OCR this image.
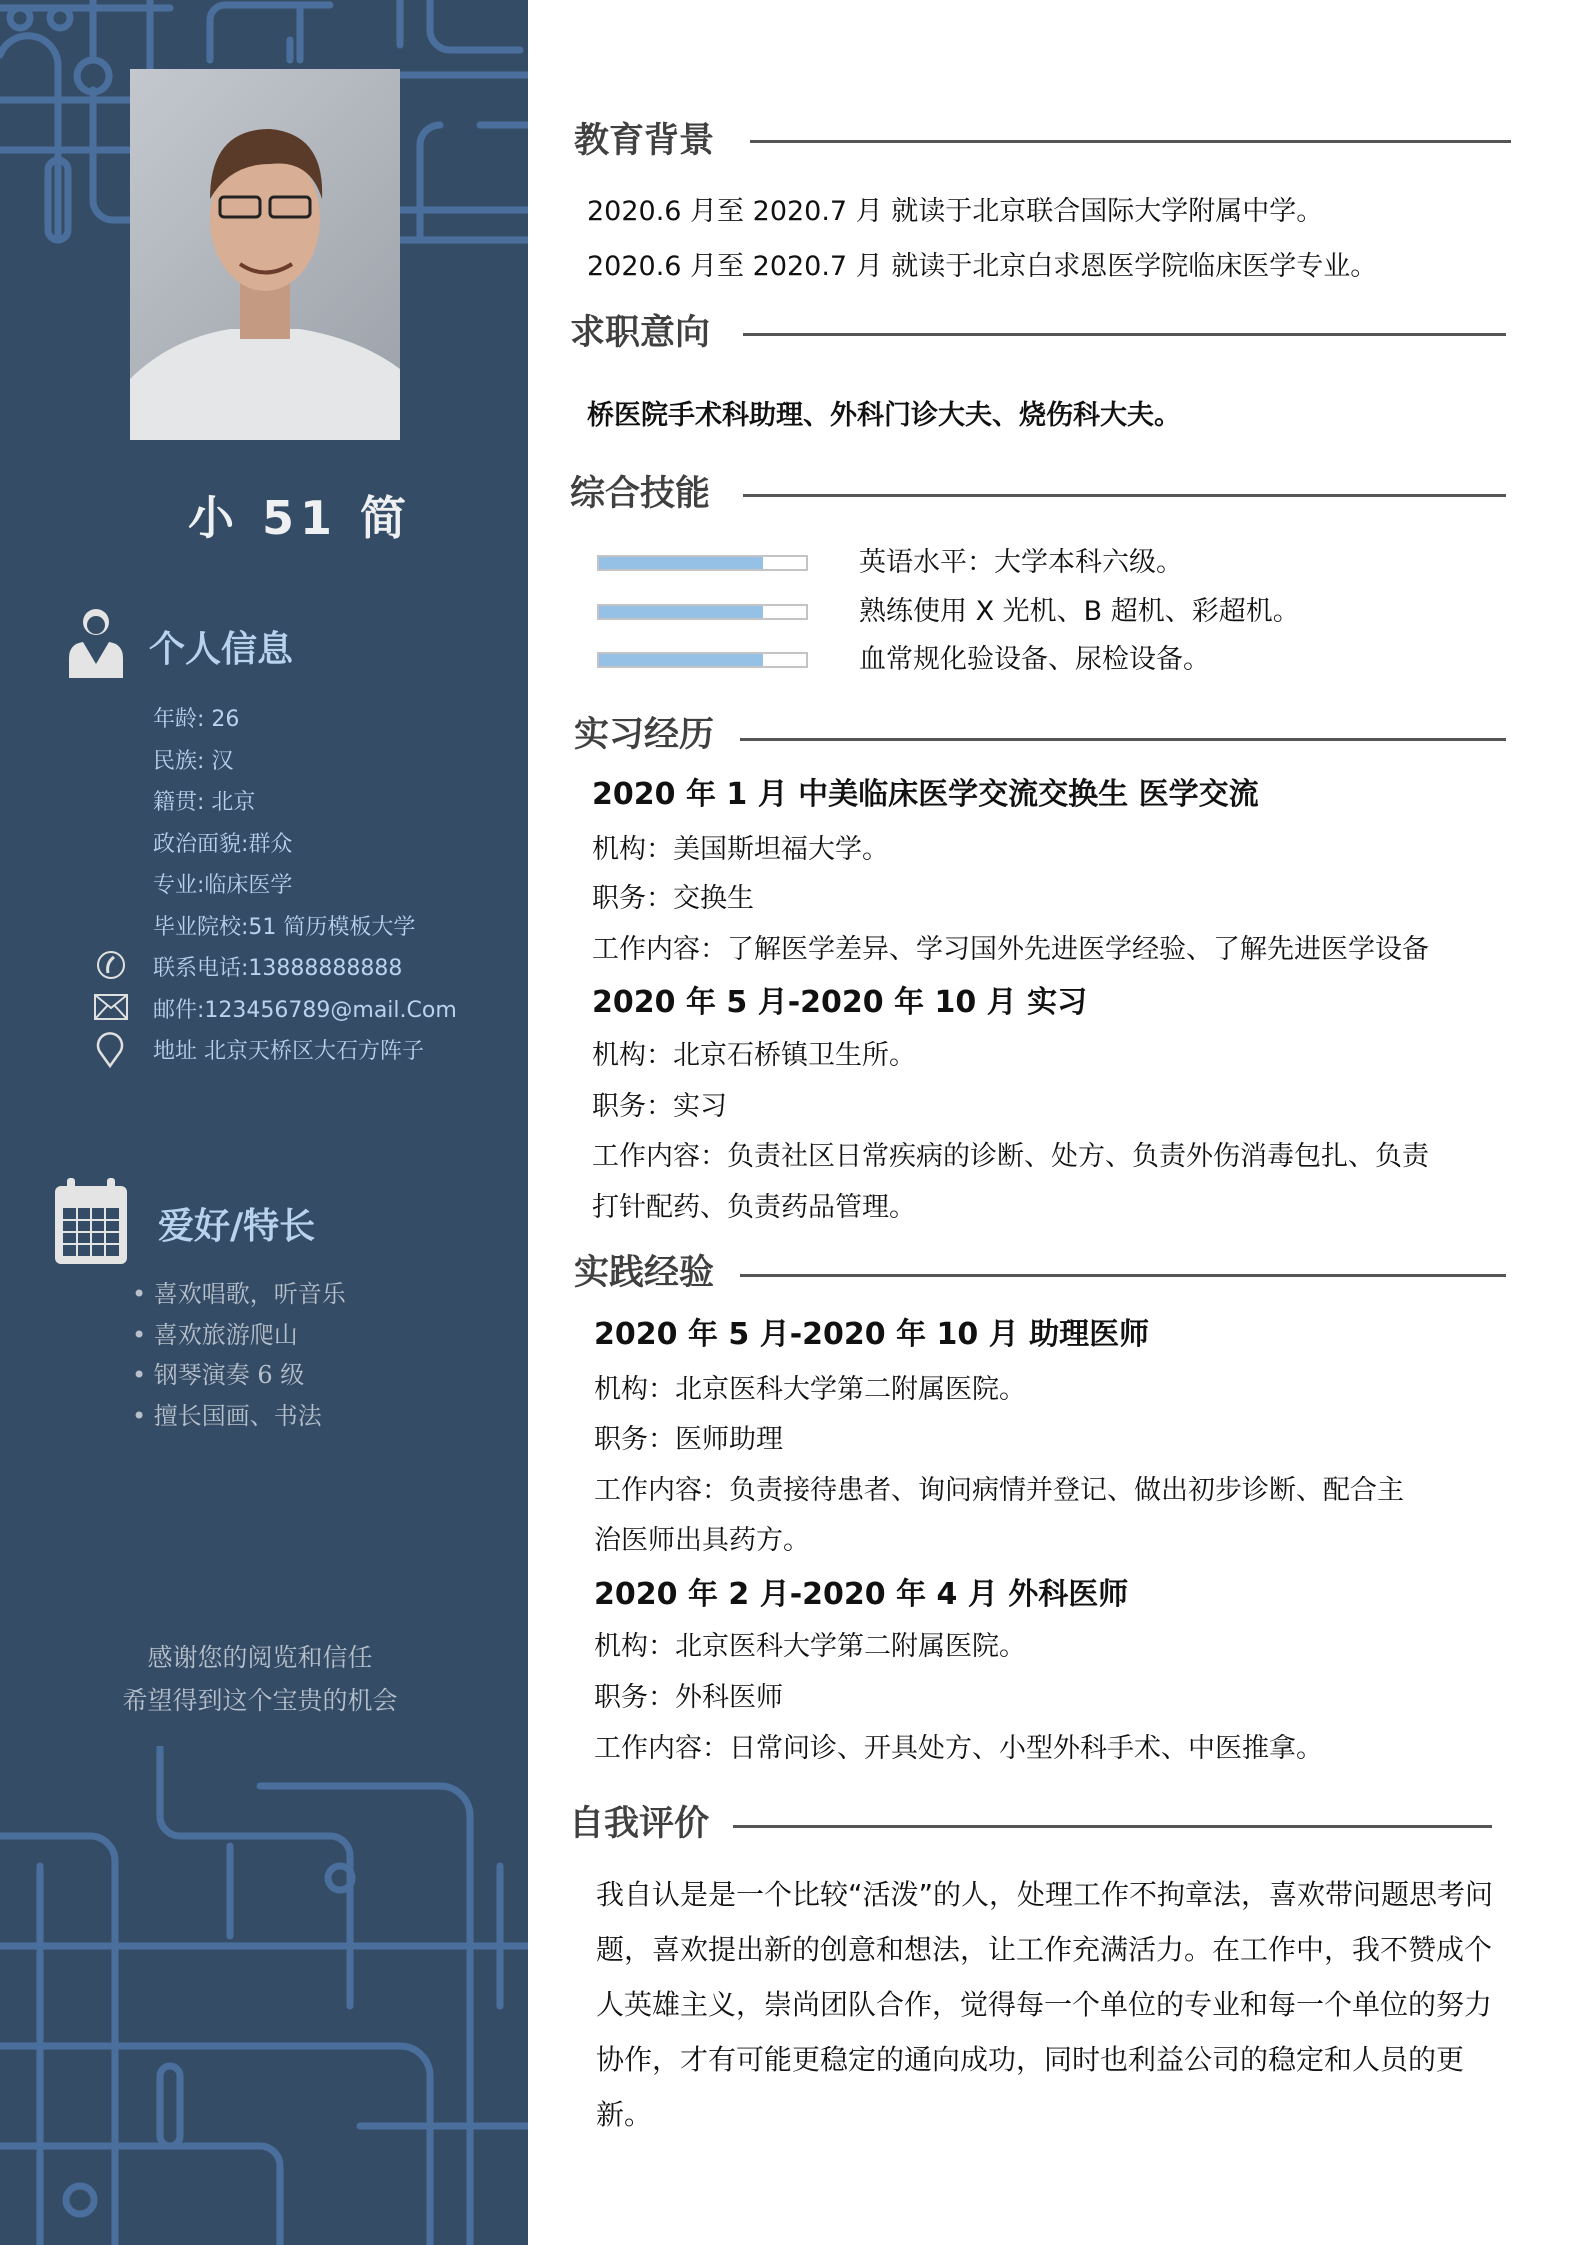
小 51 简
个人信息
年龄: 26
民族: 汉
籍贯: 北京
政治面貌:群众
专业:临床医学
毕业院校:51 简历模板大学
联系电话:13888888888
邮件:123456789@mail.Com
地址 北京天桥区大石方阵子
爱好/特长
• 喜欢唱歌，听音乐
• 喜欢旅游爬山
• 钢琴演奏 6 级
• 擅长国画、书法
感谢您的阅览和信任
希望得到这个宝贵的机会
教育背景
2020.6 月至 2020.7 月 就读于北京联合国际大学附属中学。
2020.6 月至 2020.7 月 就读于北京白求恩医学院临床医学专业。
求职意向
桥医院手术科助理、外科门诊大夫、烧伤科大夫。
综合技能
英语水平：大学本科六级。
熟练使用 X 光机、B 超机、彩超机。
血常规化验设备、尿检设备。
实习经历
2020 年 1 月 中美临床医学交流交换生 医学交流
机构：美国斯坦福大学。
职务：交换生
工作内容：了解医学差异、学习国外先进医学经验、了解先进医学设备
2020 年 5 月-2020 年 10 月 实习
机构：北京石桥镇卫生所。
职务：实习
工作内容：负责社区日常疾病的诊断、处方、负责外伤消毒包扎、负责
打针配药、负责药品管理。
实践经验
2020 年 5 月-2020 年 10 月 助理医师
机构：北京医科大学第二附属医院。
职务：医师助理
工作内容：负责接待患者、询问病情并登记、做出初步诊断、配合主
治医师出具药方。
2020 年 2 月-2020 年 4 月 外科医师
机构：北京医科大学第二附属医院。
职务：外科医师
工作内容：日常问诊、开具处方、小型外科手术、中医推拿。
自我评价
我自认是是一个比较“活泼”的人，处理工作不拘章法，喜欢带问题思考问题，喜欢提出新的创意和想法，让工作充满活力。在工作中，我不赞成个人英雄主义，崇尚团队合作，觉得每一个单位的专业和每一个单位的努力协作，才有可能更稳定的通向成功，同时也利益公司的稳定和人员的更新。
